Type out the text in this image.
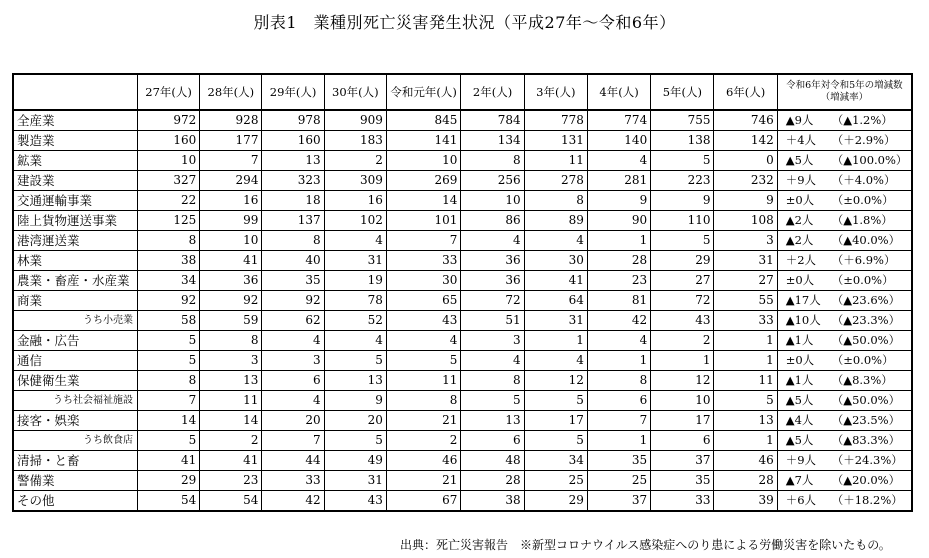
別表1　業種別死亡災害発生状況（平成27年～令和6年）
	27年(人)	28年(人)	29年(人)	30年(人)	令和元年(人)	2年(人)	3年(人)	4年(人)	5年(人)	6年(人)	令和6年対令和5年の増減数（増減率）
全産業	972	928	978	909	845	784	778	774	755	746	▲9人 （▲1.2%）
製造業	160	177	160	183	141	134	131	140	138	142	＋4人 （＋2.9%）
鉱業	10	7	13	2	10	8	11	4	5	0	▲5人 （▲100.0%）
建設業	327	294	323	309	269	256	278	281	223	232	＋9人 （＋4.0%）
交通運輸事業	22	16	18	16	14	10	8	9	9	9	±0人 （±0.0%）
陸上貨物運送事業	125	99	137	102	101	86	89	90	110	108	▲2人 （▲1.8%）
港湾運送業	8	10	8	4	7	4	4	1	5	3	▲2人 （▲40.0%）
林業	38	41	40	31	33	36	30	28	29	31	＋2人 （＋6.9%）
農業・畜産・水産業	34	36	35	19	30	36	41	23	27	27	±0人 （±0.0%）
商業	92	92	92	78	65	72	64	81	72	55	▲17人 （▲23.6%）
うち小売業	58	59	62	52	43	51	31	42	43	33	▲10人 （▲23.3%）
金融・広告	5	8	4	4	4	3	1	4	2	1	▲1人 （▲50.0%）
通信	5	3	3	5	5	4	4	1	1	1	±0人 （±0.0%）
保健衛生業	8	13	6	13	11	8	12	8	12	11	▲1人 （▲8.3%）
うち社会福祉施設	7	11	4	9	8	5	5	6	10	5	▲5人 （▲50.0%）
接客・娯楽	14	14	20	20	21	13	17	7	17	13	▲4人 （▲23.5%）
うち飲食店	5	2	7	5	2	6	5	1	6	1	▲5人 （▲83.3%）
清掃・と畜	41	41	44	49	46	48	34	35	37	46	＋9人 （＋24.3%）
警備業	29	23	33	31	21	28	25	25	35	28	▲7人 （▲20.0%）
その他	54	54	42	43	67	38	29	37	33	39	＋6人 （＋18.2%）
出典：死亡災害報告　※新型コロナウイルス感染症へのり患による労働災害を除いたもの。
